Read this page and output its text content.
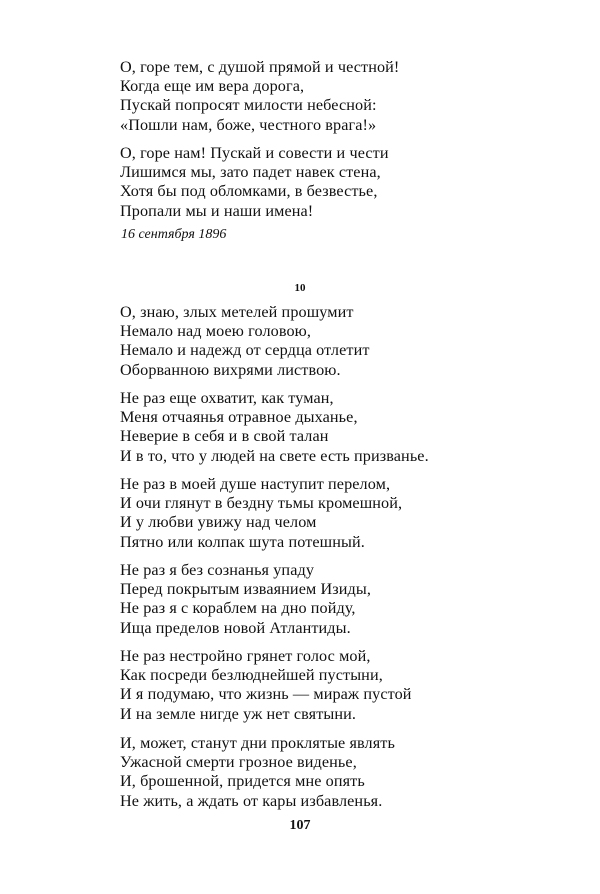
О, горе тем, с душой прямой и честной!
Когда еще им вера дорога,
Пускай попросят милости небесной:
«Пошли нам, боже, честного врага!»
О, горе нам! Пускай и совести и чести
Лишимся мы, зато падет навек стена,
Хотя бы под обломками, в безвестье,
Пропали мы и наши имена!
16 сентября 1896
10
О, знаю, злых метелей прошумит
Немало над моею головою,
Немало и надежд от сердца отлетит
Оборванною вихрями листвою.
Не раз еще охватит, как туман,
Меня отчаянья отравное дыханье,
Неверие в себя и в свой талан
И в то, что у людей на свете есть призванье.
Не раз в моей душе наступит перелом,
И очи глянут в бездну тьмы кромешной,
И у любви увижу над челом
Пятно или колпак шута потешный.
Не раз я без сознанья упаду
Перед покрытым изваянием Изиды,
Не раз я с кораблем на дно пойду,
Ища пределов новой Атлантиды.
Не раз нестройно грянет голос мой,
Как посреди безлюднейшей пустыни,
И я подумаю, что жизнь — мираж пустой
И на земле нигде уж нет святыни.
И, может, станут дни проклятые являть
Ужасной смерти грозное виденье,
И, брошенной, придется мне опять
Не жить, а ждать от кары избавленья.
107
